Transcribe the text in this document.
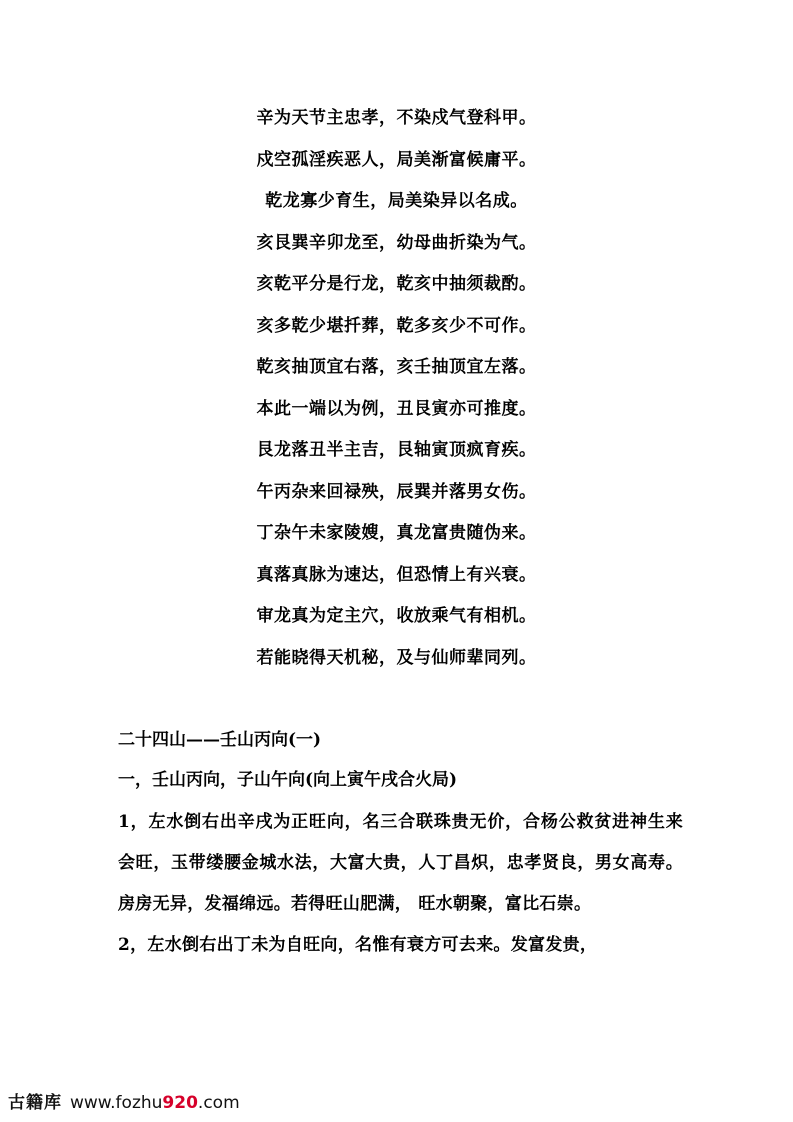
辛为天节主忠孝，不染戍气登科甲。
戍空孤淫疾恶人，局美渐富候庸平。
乾龙寡少育生，局美染异以名成。
亥艮巽辛卯龙至，幼母曲折染为气。
亥乾平分是行龙，乾亥中抽须裁酌。
亥多乾少堪扦葬，乾多亥少不可作。
乾亥抽顶宜右落，亥壬抽顶宜左落。
本此一端以为例，丑艮寅亦可推度。
艮龙落丑半主吉，艮轴寅顶疯育疾。
午丙杂来回禄殃，辰巽并落男女伤。
丁杂午未家陵嫂，真龙富贵随伪来。
真落真脉为速达，但恐情上有兴衰。
审龙真为定主穴，收放乘气有相机。
若能晓得天机秘，及与仙师辈同列。
二十四山——壬山丙向(一)
一，壬山丙向，子山午向(向上寅午戌合火局)
1，左水倒右出辛戌为正旺向，名三合联珠贵无价，合杨公救贫进神生来会旺，玉带缕腰金城水法，大富大贵，人丁昌炽，忠孝贤良，男女高寿。房房无异，发福绵远。若得旺山肥满， 旺水朝聚，富比石崇。
2，左水倒右出丁未为自旺向，名惟有衰方可去来。发富发贵，
古籍库 www.fozhu920.com
